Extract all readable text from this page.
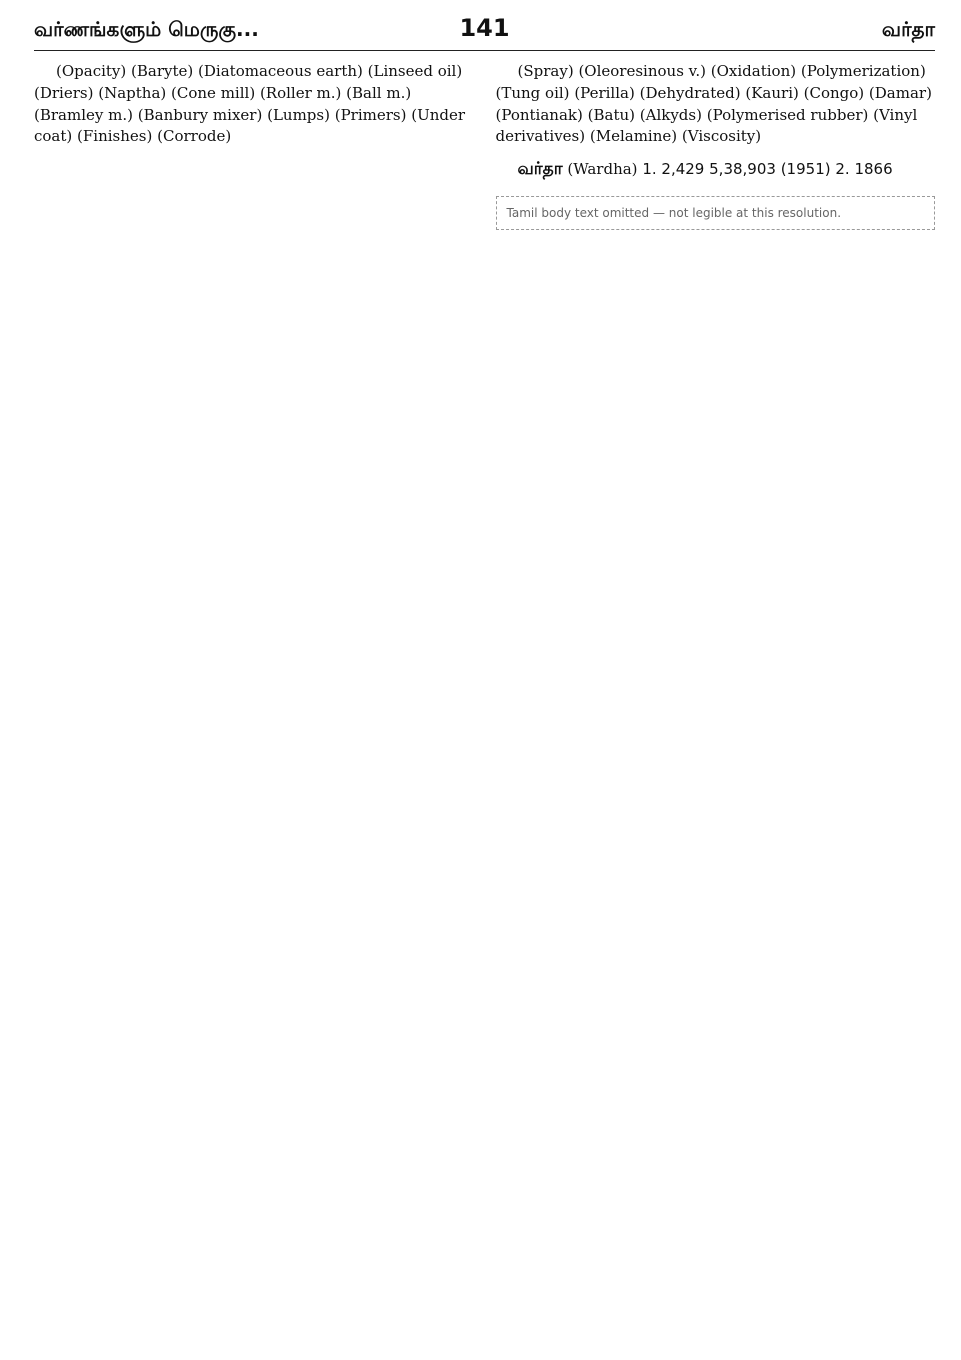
வர்ணங்களும் மெருகு...	141	வர்தா

(Opacity) (Baryte) (Diatomaceous earth) (Linseed oil) (Driers) (Naptha) (Cone mill) (Roller m.) (Ball m.) (Bramley m.) (Banbury mixer) (Lumps) (Primers) (Under coat) (Finishes) (Corrode)

(Spray) (Oleoresinous v.) (Oxidation) (Polymerization) (Tung oil) (Perilla) (Dehydrated) (Kauri) (Congo) (Damar) (Pontianak) (Batu) (Alkyds) (Polymerised rubber) (Vinyl derivatives) (Melamine) (Viscosity)

வர்தா (Wardha) 1. 2,429 5,38,903 (1951) 2. 1866

Tamil body text omitted — not legible at this resolution.
